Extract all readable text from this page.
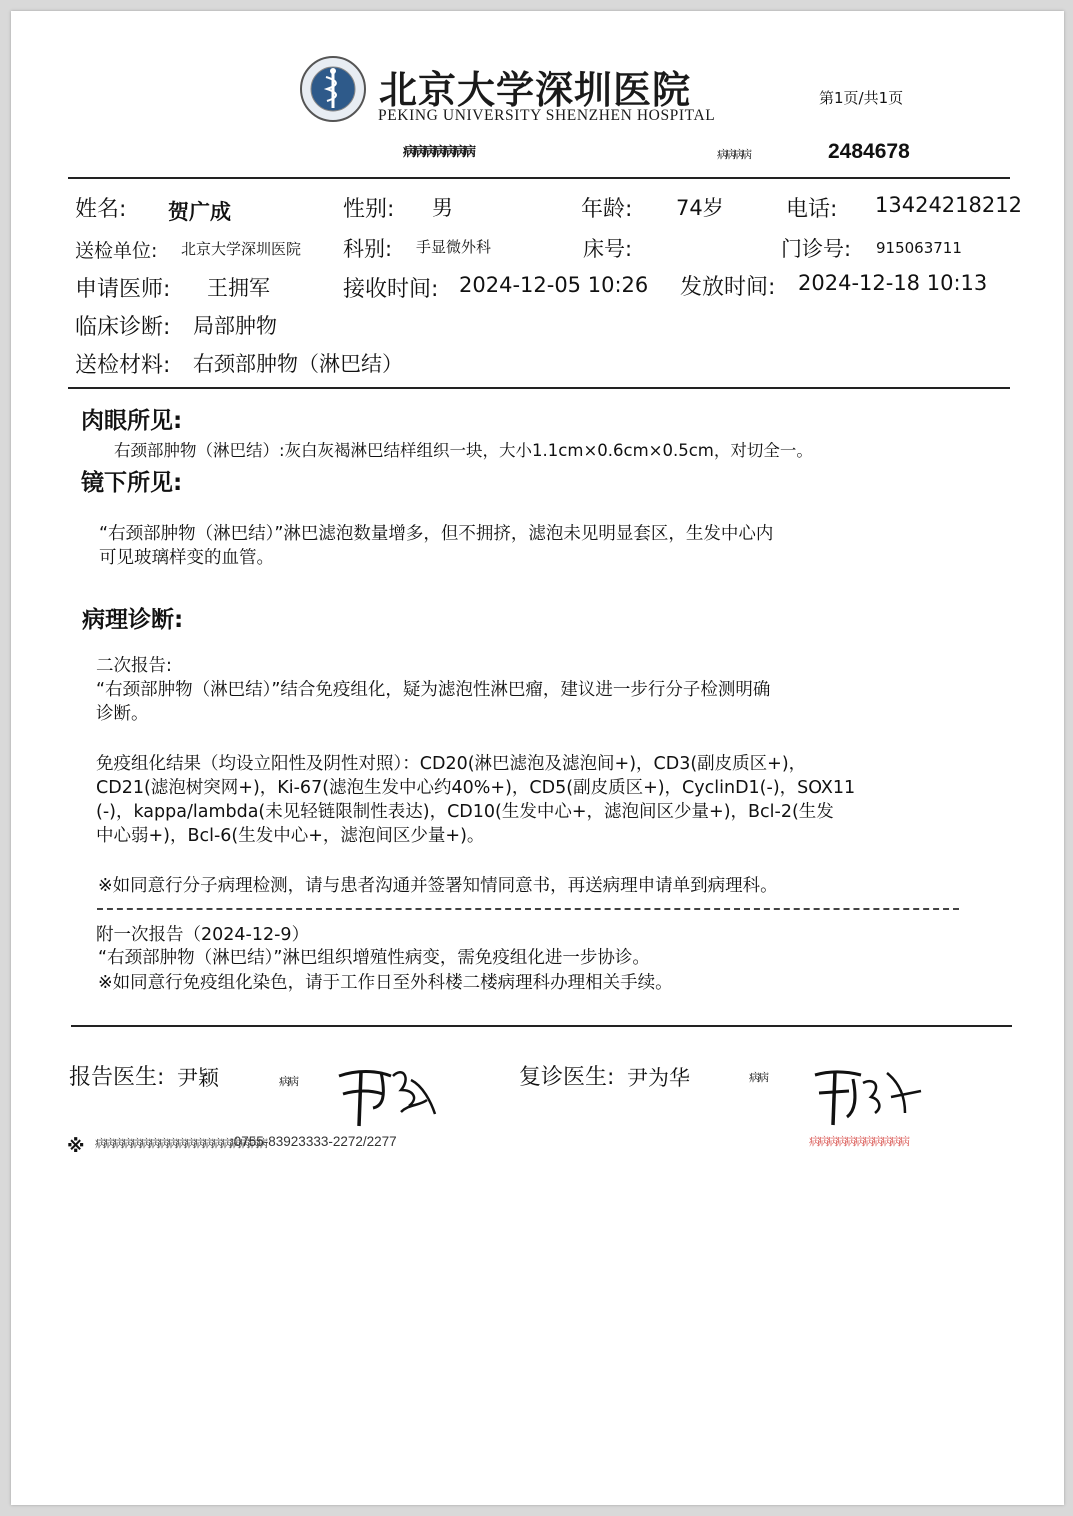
北京大学深圳医院
PEKING UNIVERSITY SHENZHEN HOSPITAL
第1页/共1页
病病病病病病病	病病病病	2484678
姓名: 贺广成	性别: 男	年龄: 74岁	电话: 13424218212
送检单位: 北京大学深圳医院 科别: 手显微外科	床号:	门诊号: 915063711
申请医师: 王拥军	接收时间: 2024-12-05 10:26 发放时间: 2024-12-18 10:13
临床诊断: 局部肿物
送检材料: 右颈部肿物（淋巴结）
肉眼所见:
右颈部肿物（淋巴结）:灰白灰褐淋巴结样组织一块，大小1.1cm×0.6cm×0.5cm，对切全一。
镜下所见:
“右颈部肿物（淋巴结）”淋巴滤泡数量增多，但不拥挤，滤泡未见明显套区，生发中心内
可见玻璃样变的血管。
病理诊断:
二次报告:
“右颈部肿物（淋巴结）”结合免疫组化，疑为滤泡性淋巴瘤，建议进一步行分子检测明确
诊断。
免疫组化结果（均设立阳性及阴性对照）：CD20(淋巴滤泡及滤泡间+)，CD3(副皮质区+)，
CD21(滤泡树突网+)，Ki-67(滤泡生发中心约40%+)，CD5(副皮质区+)，CyclinD1(-)，SOX11
(-)，kappa/lambda(未见轻链限制性表达)，CD10(生发中心+，滤泡间区少量+)，Bcl-2(生发
中心弱+)，Bcl-6(生发中心+，滤泡间区少量+)。
※如同意行分子病理检测，请与患者沟通并签署知情同意书，再送病理申请单到病理科。
附一次报告（2024-12-9）
“右颈部肿物（淋巴结）”淋巴组织增殖性病变，需免疫组化进一步协诊。
※如同意行免疫组化染色，请于工作日至外科楼二楼病理科办理相关手续。
报告医生: 尹颖	病病	复诊医生: 尹为华	病病
病病病病病病病病病病病
※ 病病病病病病病病病病病病病病病病病病病
:0755-83923333-2272/2277
